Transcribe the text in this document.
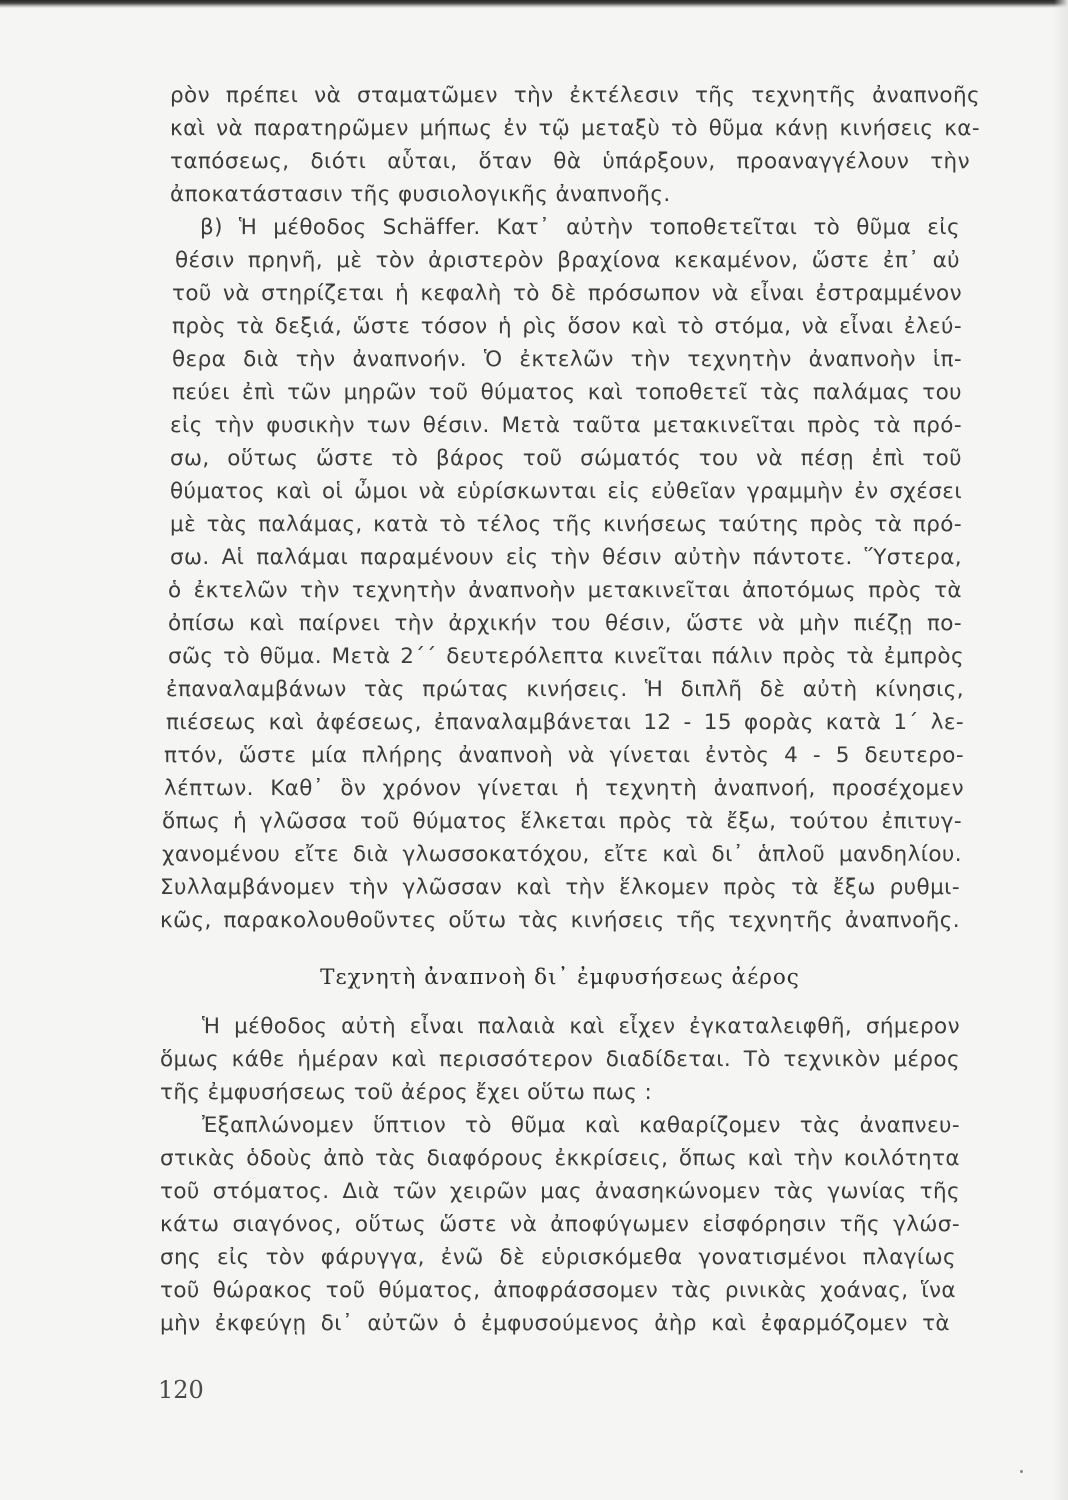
ρὸν πρέπει νὰ σταματῶμεν τὴν ἐκτέλεσιν τῆς τεχνητῆς ἀναπνοῆς
καὶ νὰ παρατηρῶμεν μήπως ἐν τῷ μεταξὺ τὸ θῦμα κάνῃ κινήσεις κα-
ταπόσεως, διότι αὗται, ὅταν θὰ ὑπάρξουν, προαναγγέλουν τὴν
ἀποκατάστασιν τῆς φυσιολογικῆς ἀναπνοῆς.
β) Ἡ μέθοδος Schäffer. Κατ᾿ αὐτὴν τοποθετεῖται τὸ θῦμα εἰς
θέσιν πρηνῆ, μὲ τὸν ἀριστερὸν βραχίονα κεκαμένον, ὥστε ἐπ᾿ αὐ
τοῦ νὰ στηρίζεται ἡ κεφαλὴ τὸ δὲ πρόσωπον νὰ εἶναι ἐστραμμένον
πρὸς τὰ δεξιά, ὥστε τόσον ἡ ρὶς ὅσον καὶ τὸ στόμα, νὰ εἶναι ἐλεύ-
θερα διὰ τὴν ἀναπνοήν. Ὁ ἐκτελῶν τὴν τεχνητὴν ἀναπνοὴν ἱπ-
πεύει ἐπὶ τῶν μηρῶν τοῦ θύματος καὶ τοποθετεῖ τὰς παλάμας του
εἰς τὴν φυσικὴν των θέσιν. Μετὰ ταῦτα μετακινεῖται πρὸς τὰ πρό-
σω, οὕτως ὥστε τὸ βάρος τοῦ σώματός του νὰ πέσῃ ἐπὶ τοῦ
θύματος καὶ οἱ ὦμοι νὰ εὑρίσκωνται εἰς εὐθεῖαν γραμμὴν ἐν σχέσει
μὲ τὰς παλάμας, κατὰ τὸ τέλος τῆς κινήσεως ταύτης πρὸς τὰ πρό-
σω. Αἱ παλάμαι παραμένουν εἰς τὴν θέσιν αὐτὴν πάντοτε. Ὕστερα,
ὁ ἐκτελῶν τὴν τεχνητὴν ἀναπνοὴν μετακινεῖται ἀποτόμως πρὸς τὰ
ὀπίσω καὶ παίρνει τὴν ἀρχικήν του θέσιν, ὥστε νὰ μὴν πιέζῃ πο-
σῶς τὸ θῦμα. Μετὰ 2΄΄ δευτερόλεπτα κινεῖται πάλιν πρὸς τὰ ἐμπρὸς
ἐπαναλαμβάνων τὰς πρώτας κινήσεις. Ἡ διπλῆ δὲ αὐτὴ κίνησις,
πιέσεως καὶ ἀφέσεως, ἐπαναλαμβάνεται 12 - 15 φορὰς κατὰ 1΄ λε-
πτόν, ὥστε μία πλήρης ἀναπνοὴ νὰ γίνεται ἐντὸς 4 - 5 δευτερο-
λέπτων. Καθ᾿ ὃν χρόνον γίνεται ἡ τεχνητὴ ἀναπνοή, προσέχομεν
ὅπως ἡ γλῶσσα τοῦ θύματος ἕλκεται πρὸς τὰ ἔξω, τούτου ἐπιτυγ-
χανομένου εἴτε διὰ γλωσσοκατόχου, εἴτε καὶ δι᾿ ἁπλοῦ μανδηλίου.
Συλλαμβάνομεν τὴν γλῶσσαν καὶ τὴν ἕλκομεν πρὸς τὰ ἔξω ρυθμι-
κῶς, παρακολουθοῦντες οὕτω τὰς κινήσεις τῆς τεχνητῆς ἀναπνοῆς.
Ἡ μέθοδος αὐτὴ εἶναι παλαιὰ καὶ εἶχεν ἐγκαταλειφθῆ, σήμερον
ὅμως κάθε ἡμέραν καὶ περισσότερον διαδίδεται. Τὸ τεχνικὸν μέρος
τῆς ἐμφυσήσεως τοῦ ἀέρος ἔχει οὕτω πως :
Ἐξαπλώνομεν ὕπτιον τὸ θῦμα καὶ καθαρίζομεν τὰς ἀναπνευ-
στικὰς ὁδοὺς ἀπὸ τὰς διαφόρους ἐκκρίσεις, ὅπως καὶ τὴν κοιλότητα
τοῦ στόματος. Διὰ τῶν χειρῶν μας ἀνασηκώνομεν τὰς γωνίας τῆς
κάτω σιαγόνος, οὕτως ὥστε νὰ ἀποφύγωμεν εἰσφόρησιν τῆς γλώσ-
σης εἰς τὸν φάρυγγα, ἐνῶ δὲ εὑρισκόμεθα γονατισμένοι πλαγίως
τοῦ θώρακος τοῦ θύματος, ἀποφράσσομεν τὰς ρινικὰς χοάνας, ἵνα
μὴν ἐκφεύγῃ δι᾿ αὐτῶν ὁ ἐμφυσούμενος ἀὴρ καὶ ἐφαρμόζομεν τὰ
Τεχνητὴ ἀναπνοὴ δι᾿ ἐμφυσήσεως ἀέρος
120
